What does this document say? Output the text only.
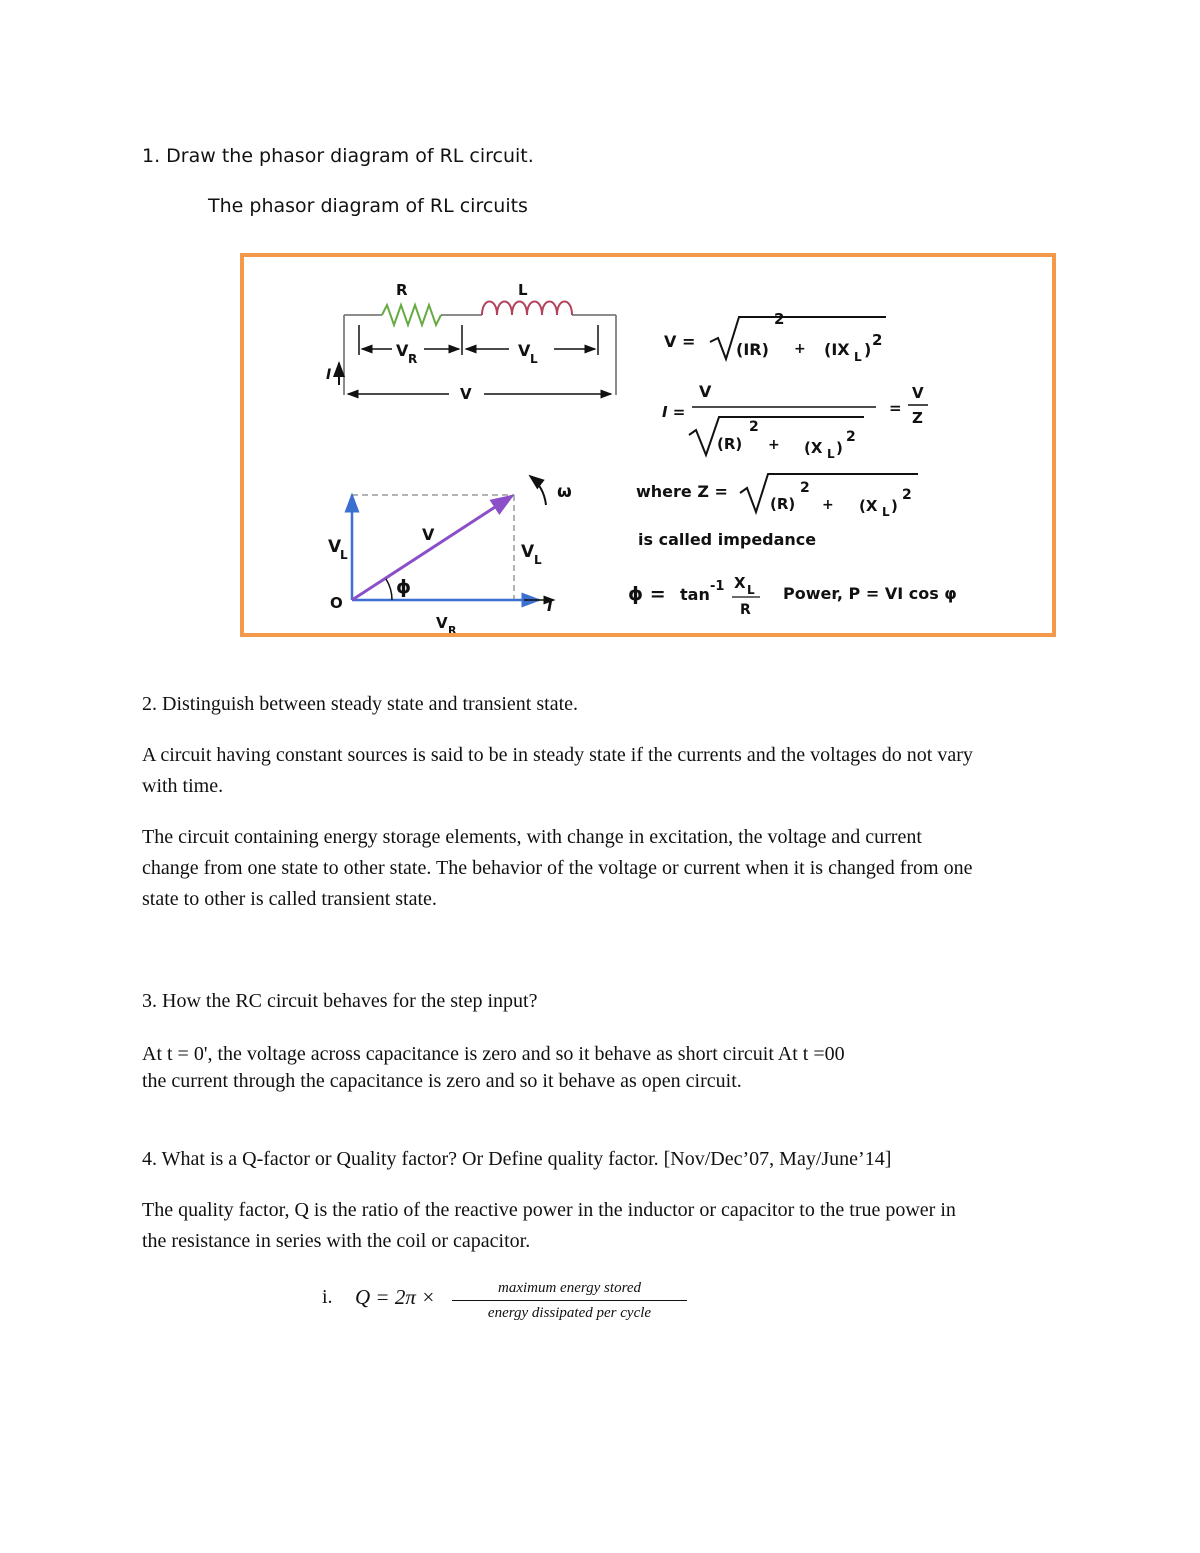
1. Draw the phasor diagram of RL circuit.
The phasor diagram of RL circuits
R	L
V R	V L
V
I
V
L
V
V L
ϕ
O
V R
I
ω
V =	(IR)
2
+ (IX L ) 2
I =
V
(R)
2
+ (X L )
2
=
V
Z
where Z =
(R)
2
+ (X L )
2
is called impedance
ϕ = tan -1 X L
R
Power, P = VI cos φ
2. Distinguish between steady state and transient state.
A circuit having constant sources is said to be in steady state if the currents and the voltages do not vary
with time.
The circuit containing energy storage elements, with change in excitation, the voltage and current
change from one state to other state. The behavior of the voltage or current when it is changed from one
state to other is called transient state.
3. How the RC circuit behaves for the step input?
At t = 0', the voltage across capacitance is zero and so it behave as short circuit At t =00
the current through the capacitance is zero and so it behave as open circuit.
4. What is a Q-factor or Quality factor? Or Define quality factor. [Nov/Dec’07, May/June’14]
The quality factor, Q is the ratio of the reactive power in the inductor or capacitor to the true power in
the resistance in series with the coil or capacitor.
i. Q = 2π ×	maximum energy stored
energy dissipated per cycle
